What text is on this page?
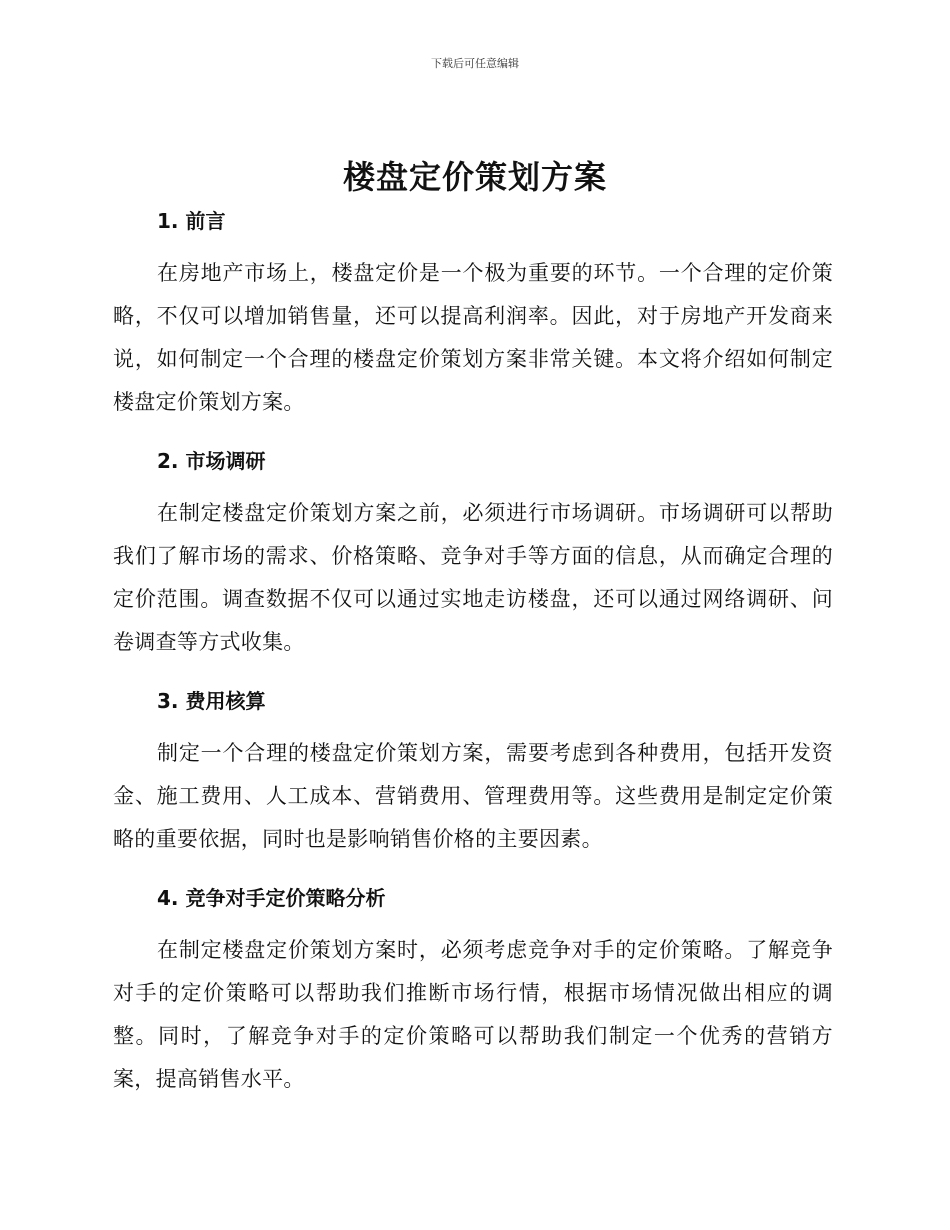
下载后可任意编辑
楼盘定价策划方案
1. 前言

在房地产市场上，楼盘定价是一个极为重要的环节。一个合理的定价策略，不仅可以增加销售量，还可以提高利润率。因此，对于房地产开发商来说，如何制定一个合理的楼盘定价策划方案非常关键。本文将介绍如何制定楼盘定价策划方案。

2. 市场调研

在制定楼盘定价策划方案之前，必须进行市场调研。市场调研可以帮助我们了解市场的需求、价格策略、竞争对手等方面的信息，从而确定合理的定价范围。调查数据不仅可以通过实地走访楼盘，还可以通过网络调研、问卷调查等方式收集。

3. 费用核算

制定一个合理的楼盘定价策划方案，需要考虑到各种费用，包括开发资金、施工费用、人工成本、营销费用、管理费用等。这些费用是制定定价策略的重要依据，同时也是影响销售价格的主要因素。

4. 竞争对手定价策略分析

在制定楼盘定价策划方案时，必须考虑竞争对手的定价策略。了解竞争对手的定价策略可以帮助我们推断市场行情，根据市场情况做出相应的调整。同时，了解竞争对手的定价策略可以帮助我们制定一个优秀的营销方案，提高销售水平。
